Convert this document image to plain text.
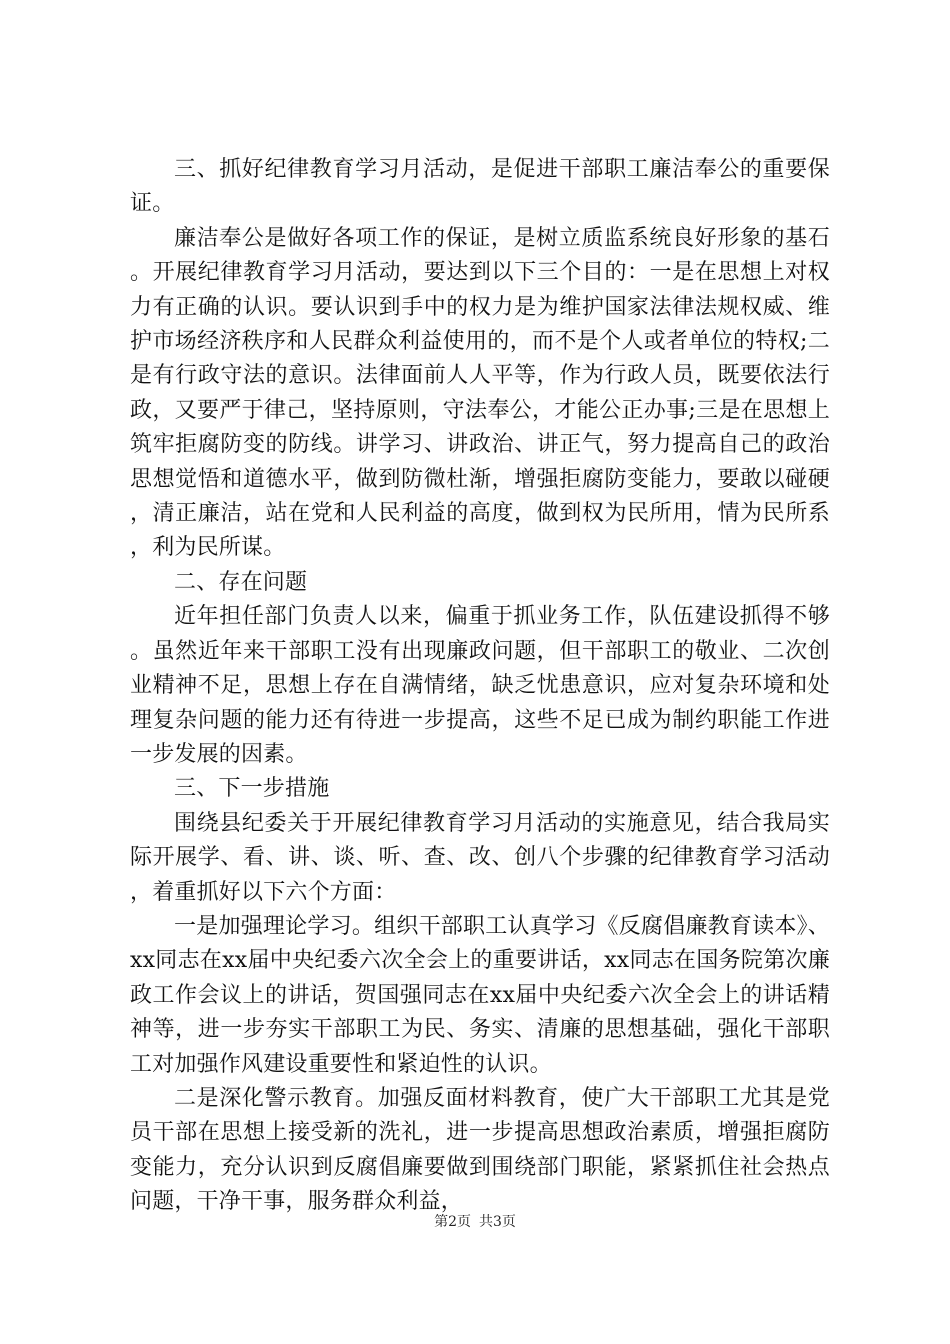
三、抓好纪律教育学习月活动，是促进干部职工廉洁奉公的重要保证。

廉洁奉公是做好各项工作的保证，是树立质监系统良好形象的基石。开展纪律教育学习月活动，要达到以下三个目的：一是在思想上对权力有正确的认识。要认识到手中的权力是为维护国家法律法规权威、维护市场经济秩序和人民群众利益使用的，而不是个人或者单位的特权;二是有行政守法的意识。法律面前人人平等，作为行政人员，既要依法行政，又要严于律己，坚持原则，守法奉公，才能公正办事;三是在思想上筑牢拒腐防变的防线。讲学习、讲政治、讲正气，努力提高自己的政治思想觉悟和道德水平，做到防微杜渐，增强拒腐防变能力，要敢以碰硬，清正廉洁，站在党和人民利益的高度，做到权为民所用，情为民所系，利为民所谋。

二、存在问题

近年担任部门负责人以来，偏重于抓业务工作，队伍建设抓得不够。虽然近年来干部职工没有出现廉政问题，但干部职工的敬业、二次创业精神不足，思想上存在自满情绪，缺乏忧患意识，应对复杂环境和处理复杂问题的能力还有待进一步提高，这些不足已成为制约职能工作进一步发展的因素。

三、下一步措施

围绕县纪委关于开展纪律教育学习月活动的实施意见，结合我局实际开展学、看、讲、谈、听、查、改、创八个步骤的纪律教育学习活动，着重抓好以下六个方面：

一是加强理论学习。组织干部职工认真学习《反腐倡廉教育读本》、xx同志在xx届中央纪委六次全会上的重要讲话，xx同志在国务院第次廉政工作会议上的讲话，贺国强同志在xx届中央纪委六次全会上的讲话精神等，进一步夯实干部职工为民、务实、清廉的思想基础，强化干部职工对加强作风建设重要性和紧迫性的认识。

二是深化警示教育。加强反面材料教育，使广大干部职工尤其是党员干部在思想上接受新的洗礼，进一步提高思想政治素质，增强拒腐防变能力，充分认识到反腐倡廉要做到围绕部门职能，紧紧抓住社会热点问题，干净干事，服务群众利益，

第2页 共3页
